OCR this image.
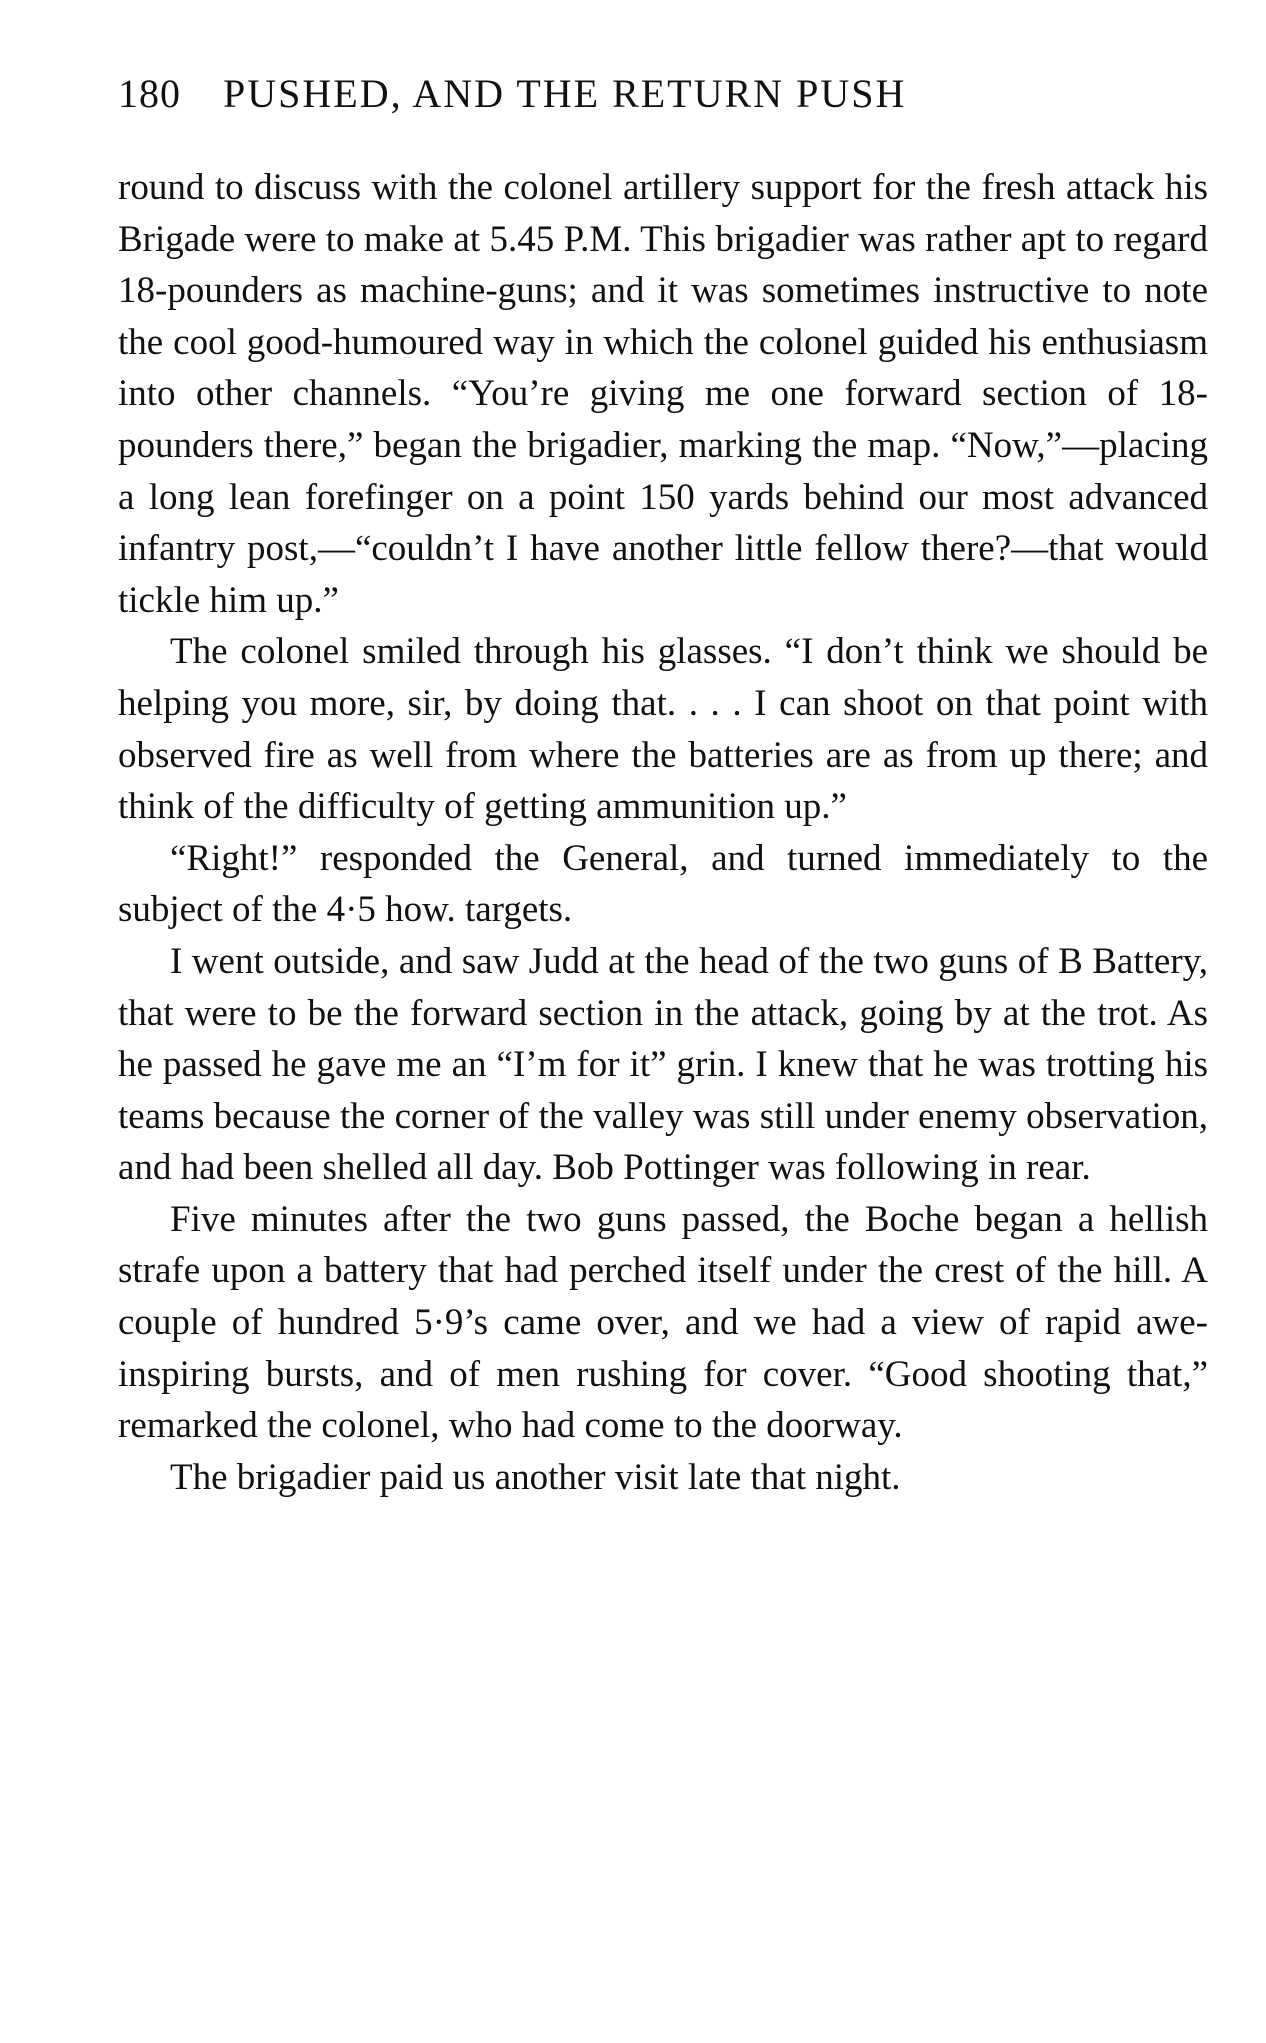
180 PUSHED, AND THE RETURN PUSH

round to discuss with the colonel artillery support for the fresh attack his Brigade were to make at 5.45 P.M. This brigadier was rather apt to regard 18-pounders as machine-guns; and it was sometimes instructive to note the cool good-humoured way in which the colonel guided his enthusiasm into other channels. “You’re giving me one forward section of 18-pounders there,” began the brigadier, marking the map. “Now,”—placing a long lean forefinger on a point 150 yards behind our most advanced infantry post,—“couldn’t I have another little fellow there?—that would tickle him up.”

The colonel smiled through his glasses. “I don’t think we should be helping you more, sir, by doing that. . . . I can shoot on that point with observed fire as well from where the batteries are as from up there; and think of the difficulty of getting ammunition up.”

“Right!” responded the General, and turned immediately to the subject of the 4·5 how. targets.

I went outside, and saw Judd at the head of the two guns of B Battery, that were to be the forward section in the attack, going by at the trot. As he passed he gave me an “I’m for it” grin. I knew that he was trotting his teams because the corner of the valley was still under enemy observation, and had been shelled all day. Bob Pottinger was following in rear.

Five minutes after the two guns passed, the Boche began a hellish strafe upon a battery that had perched itself under the crest of the hill. A couple of hundred 5·9’s came over, and we had a view of rapid awe-inspiring bursts, and of men rushing for cover. “Good shooting that,” remarked the colonel, who had come to the doorway.

The brigadier paid us another visit late that night.
